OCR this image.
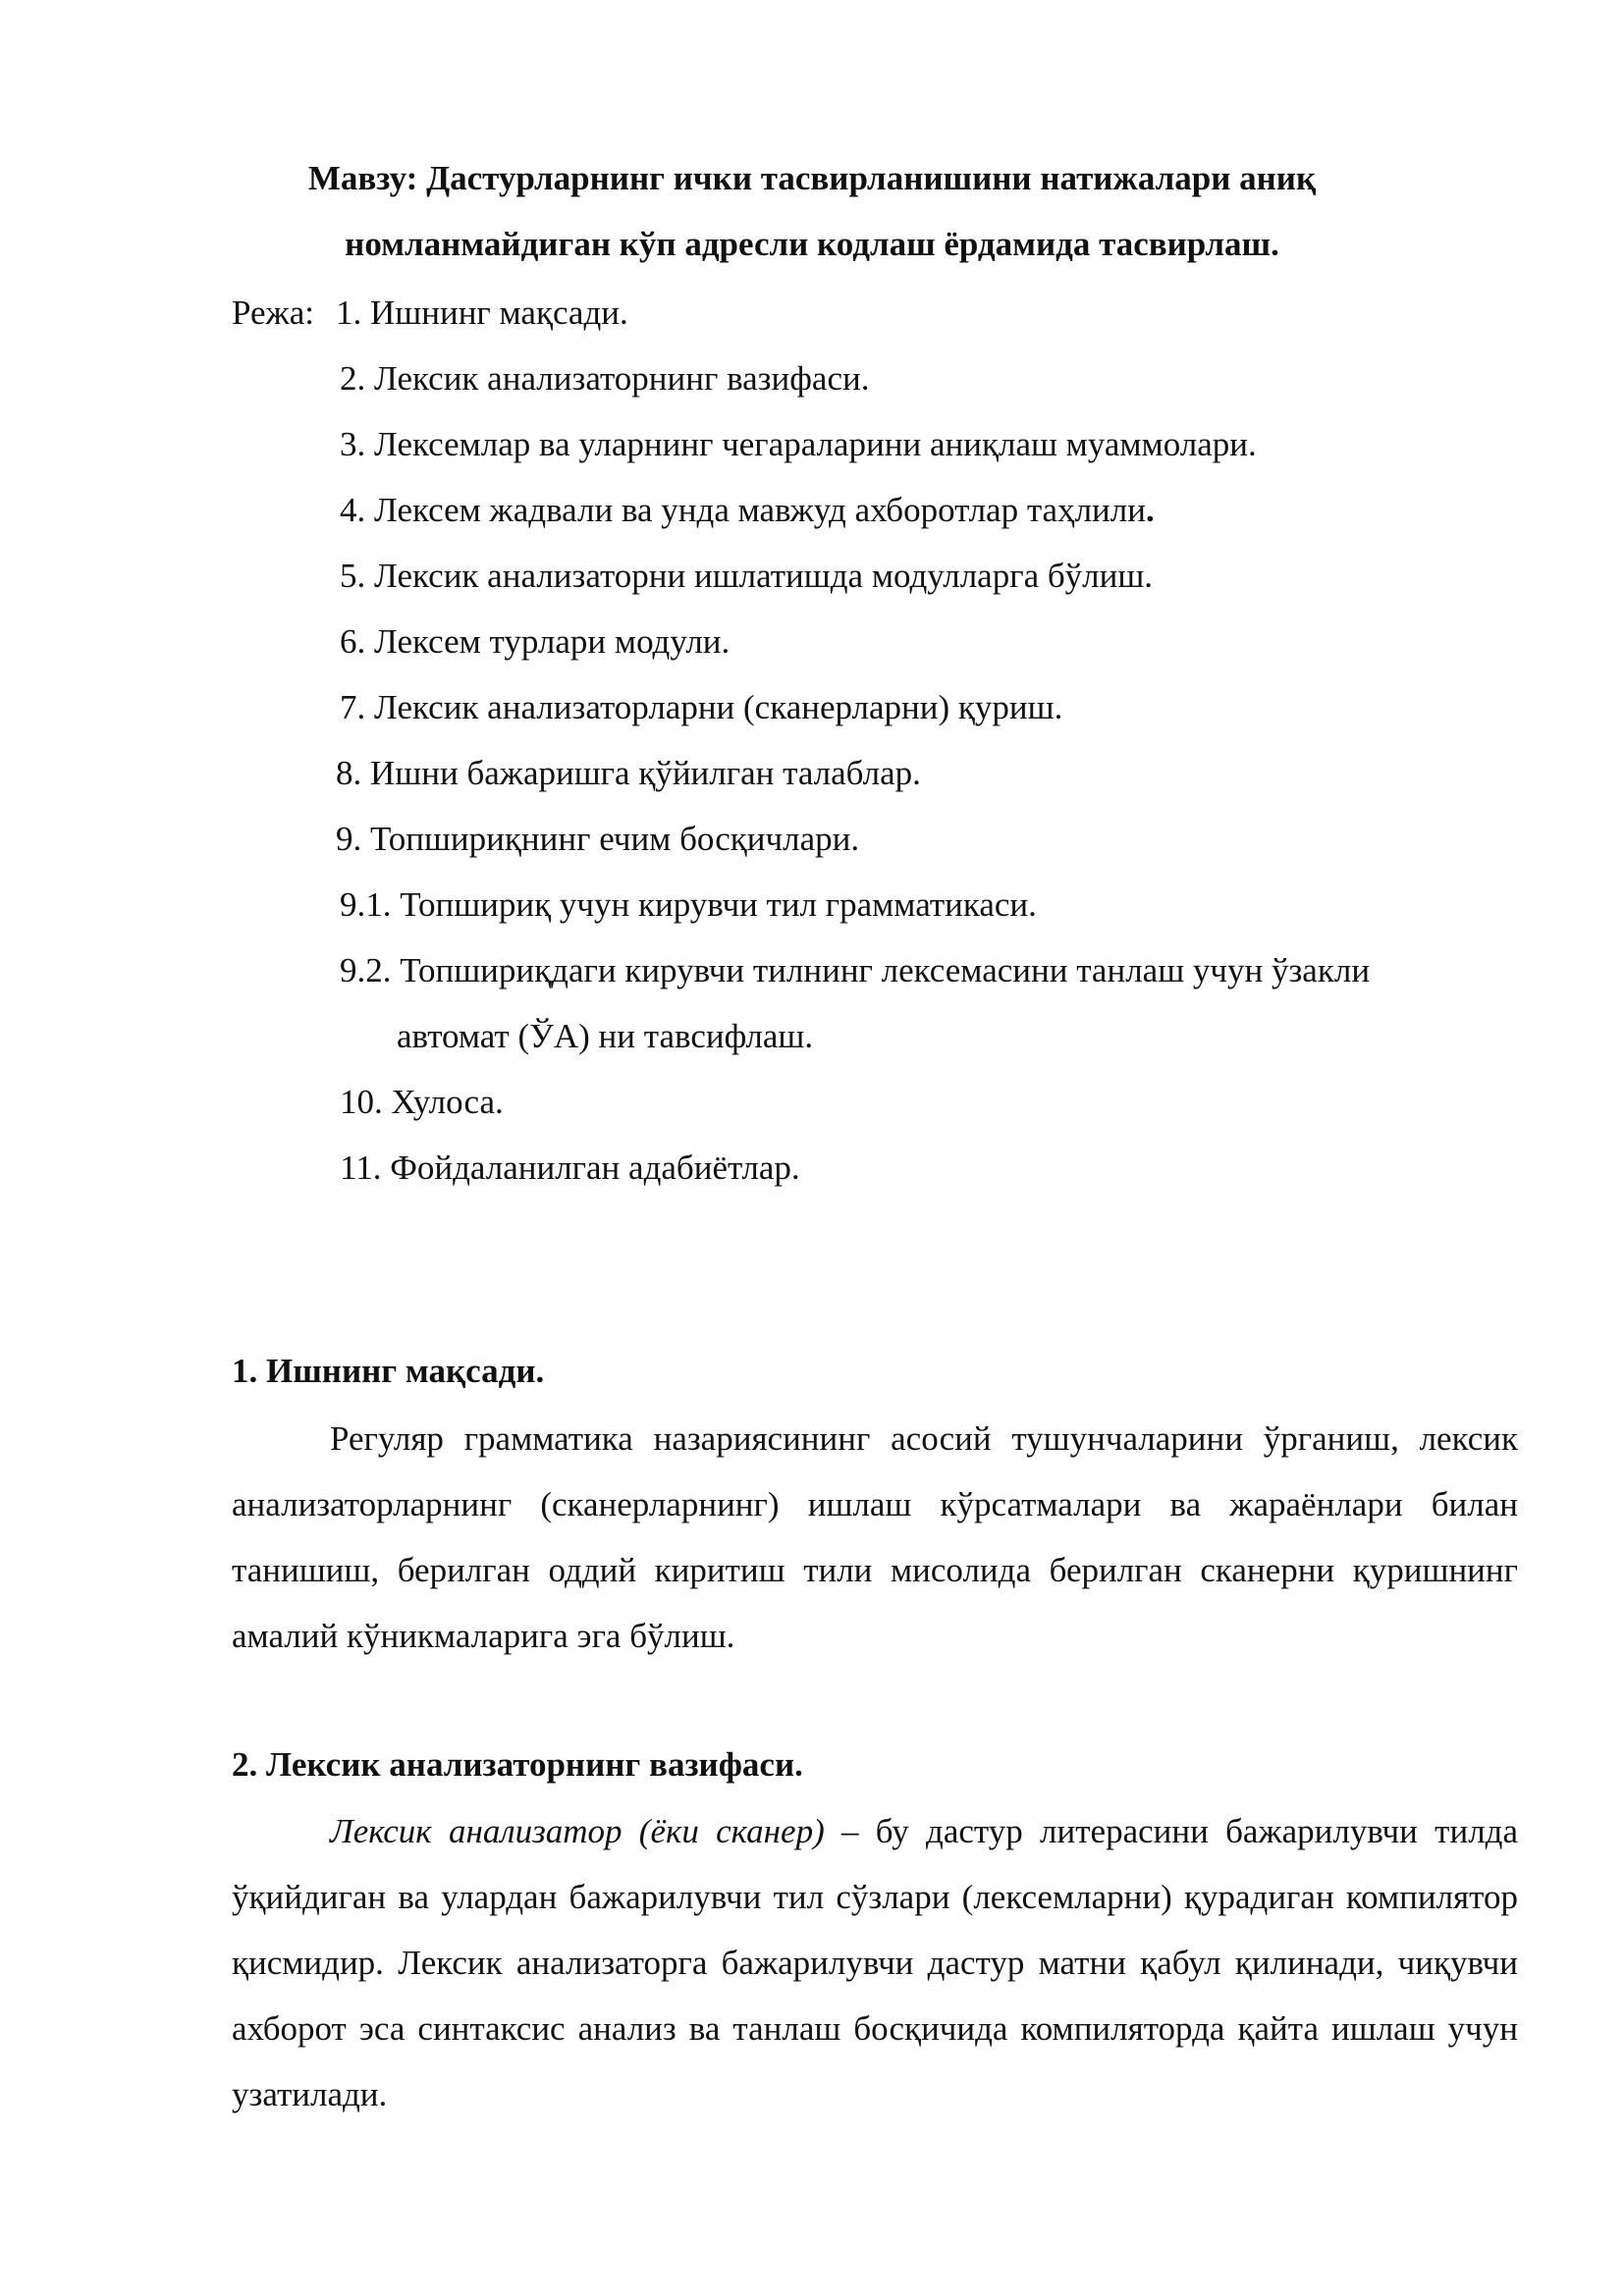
Мавзу: Дастурларнинг ички тасвирланишини натижалари аниқ
номланмайдиган кўп адресли кодлаш ёрдамида тасвирлаш.
Режа: 1. Ишнинг мақсади.
2. Лексик анализаторнинг вазифаси.
3. Лексемлар ва уларнинг чегараларини аниқлаш муаммолари.
4. Лексем жадвали ва унда мавжуд ахборотлар таҳлили.
5. Лексик анализаторни ишлатишда модулларга бўлиш.
6. Лексем турлари модули.
7. Лексик анализаторларни (сканерларни) қуриш.
8. Ишни бажаришга қўйилган талаблар.
9. Топшириқнинг ечим босқичлари.
9.1. Топшириқ учун кирувчи тил грамматикаси.
9.2. Топшириқдаги кирувчи тилнинг лексемасини танлаш учун ўзакли
автомат (ЎА) ни тавсифлаш.
10. Хулоса.
11. Фойдаланилган адабиётлар.
1. Ишнинг мақсади.
Регуляр грамматика назариясининг асосий тушунчаларини ўрганиш, лексик анализаторларнинг (сканерларнинг) ишлаш кўрсатмалари ва жараёнлари билан танишиш, берилган оддий киритиш тили мисолида берилган сканерни қуришнинг амалий кўникмаларига эга бўлиш.
2. Лексик анализаторнинг вазифаси.
Лексик анализатор (ёки сканер) – бу дастур литерасини бажарилувчи тилда ўқийдиган ва улардан бажарилувчи тил сўзлари (лексемларни) қурадиган компилятор қисмидир. Лексик анализаторга бажарилувчи дастур матни қабул қилинади, чиқувчи ахборот эса синтаксис анализ ва танлаш босқичида компиляторда қайта ишлаш учун узатилади.
